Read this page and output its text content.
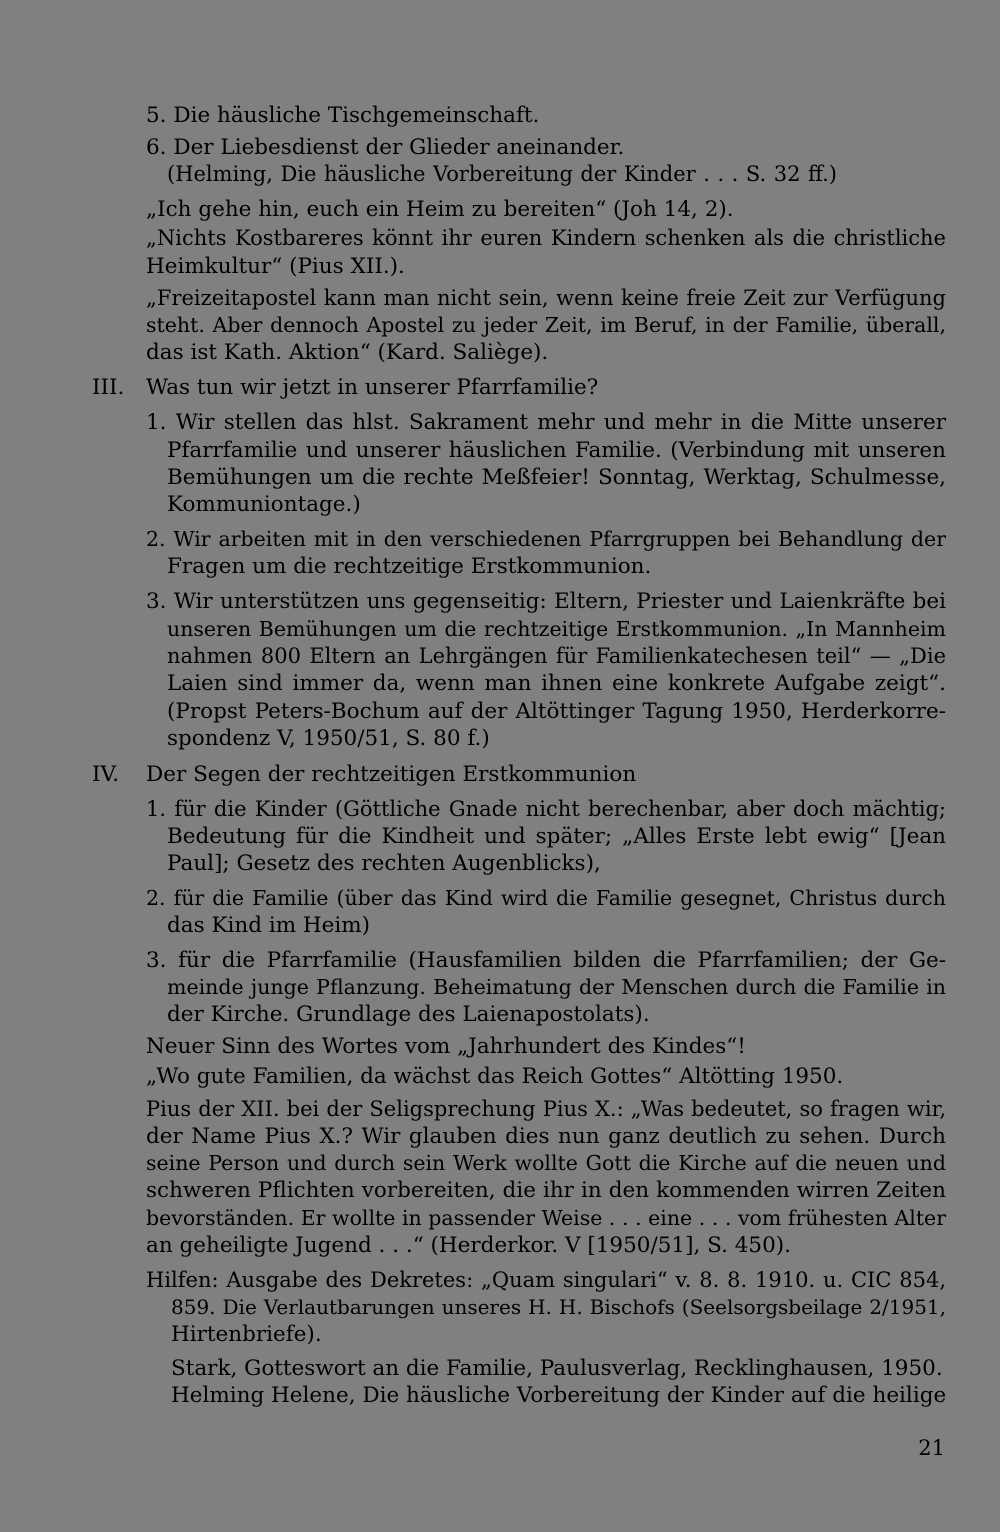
5. Die häusliche Tischgemeinschaft.
6. Der Liebesdienst der Glieder aneinander.
(Helming, Die häusliche Vorbereitung der Kinder . . . S. 32 ff.)
„Ich gehe hin, euch ein Heim zu bereiten“ (Joh 14, 2).
„Nichts Kostbareres könnt ihr euren Kindern schenken als die christliche
Heimkultur“ (Pius XII.).
„Freizeitapostel kann man nicht sein, wenn keine freie Zeit zur Verfügung
steht. Aber dennoch Apostel zu jeder Zeit, im Beruf, in der Familie, überall,
das ist Kath. Aktion“ (Kard. Saliège).
III. Was tun wir jetzt in unserer Pfarrfamilie?
1. Wir stellen das hlst. Sakrament mehr und mehr in die Mitte unserer
Pfarrfamilie und unserer häuslichen Familie. (Verbindung mit unseren
Bemühungen um die rechte Meßfeier! Sonntag, Werktag, Schulmesse,
Kommuniontage.)
2. Wir arbeiten mit in den verschiedenen Pfarrgruppen bei Behandlung der
Fragen um die rechtzeitige Erstkommunion.
3. Wir unterstützen uns gegenseitig: Eltern, Priester und Laienkräfte bei
unseren Bemühungen um die rechtzeitige Erstkommunion. „In Mannheim
nahmen 800 Eltern an Lehrgängen für Familienkatechesen teil“ — „Die
Laien sind immer da, wenn man ihnen eine konkrete Aufgabe zeigt“.
(Propst Peters-Bochum auf der Altöttinger Tagung 1950, Herderkorre-
spondenz V, 1950/51, S. 80 f.)
IV. Der Segen der rechtzeitigen Erstkommunion
1. für die Kinder (Göttliche Gnade nicht berechenbar, aber doch mächtig;
Bedeutung für die Kindheit und später; „Alles Erste lebt ewig“ [Jean
Paul]; Gesetz des rechten Augenblicks),
2. für die Familie (über das Kind wird die Familie gesegnet, Christus durch
das Kind im Heim)
3. für die Pfarrfamilie (Hausfamilien bilden die Pfarrfamilien; der Ge-
meinde junge Pflanzung. Beheimatung der Menschen durch die Familie in
der Kirche. Grundlage des Laienapostolats).
Neuer Sinn des Wortes vom „Jahrhundert des Kindes“!
„Wo gute Familien, da wächst das Reich Gottes“ Altötting 1950.
Pius der XII. bei der Seligsprechung Pius X.: „Was bedeutet, so fragen wir,
der Name Pius X.? Wir glauben dies nun ganz deutlich zu sehen. Durch
seine Person und durch sein Werk wollte Gott die Kirche auf die neuen und
schweren Pflichten vorbereiten, die ihr in den kommenden wirren Zeiten
bevorständen. Er wollte in passender Weise . . . eine . . . vom frühesten Alter
an geheiligte Jugend . . .“ (Herderkor. V [1950/51], S. 450).
Hilfen: Ausgabe des Dekretes: „Quam singulari“ v. 8. 8. 1910. u. CIC 854,
859. Die Verlautbarungen unseres H. H. Bischofs (Seelsorgsbeilage 2/1951,
Hirtenbriefe).
Stark, Gotteswort an die Familie, Paulusverlag, Recklinghausen, 1950.
Helming Helene, Die häusliche Vorbereitung der Kinder auf die heilige
21
